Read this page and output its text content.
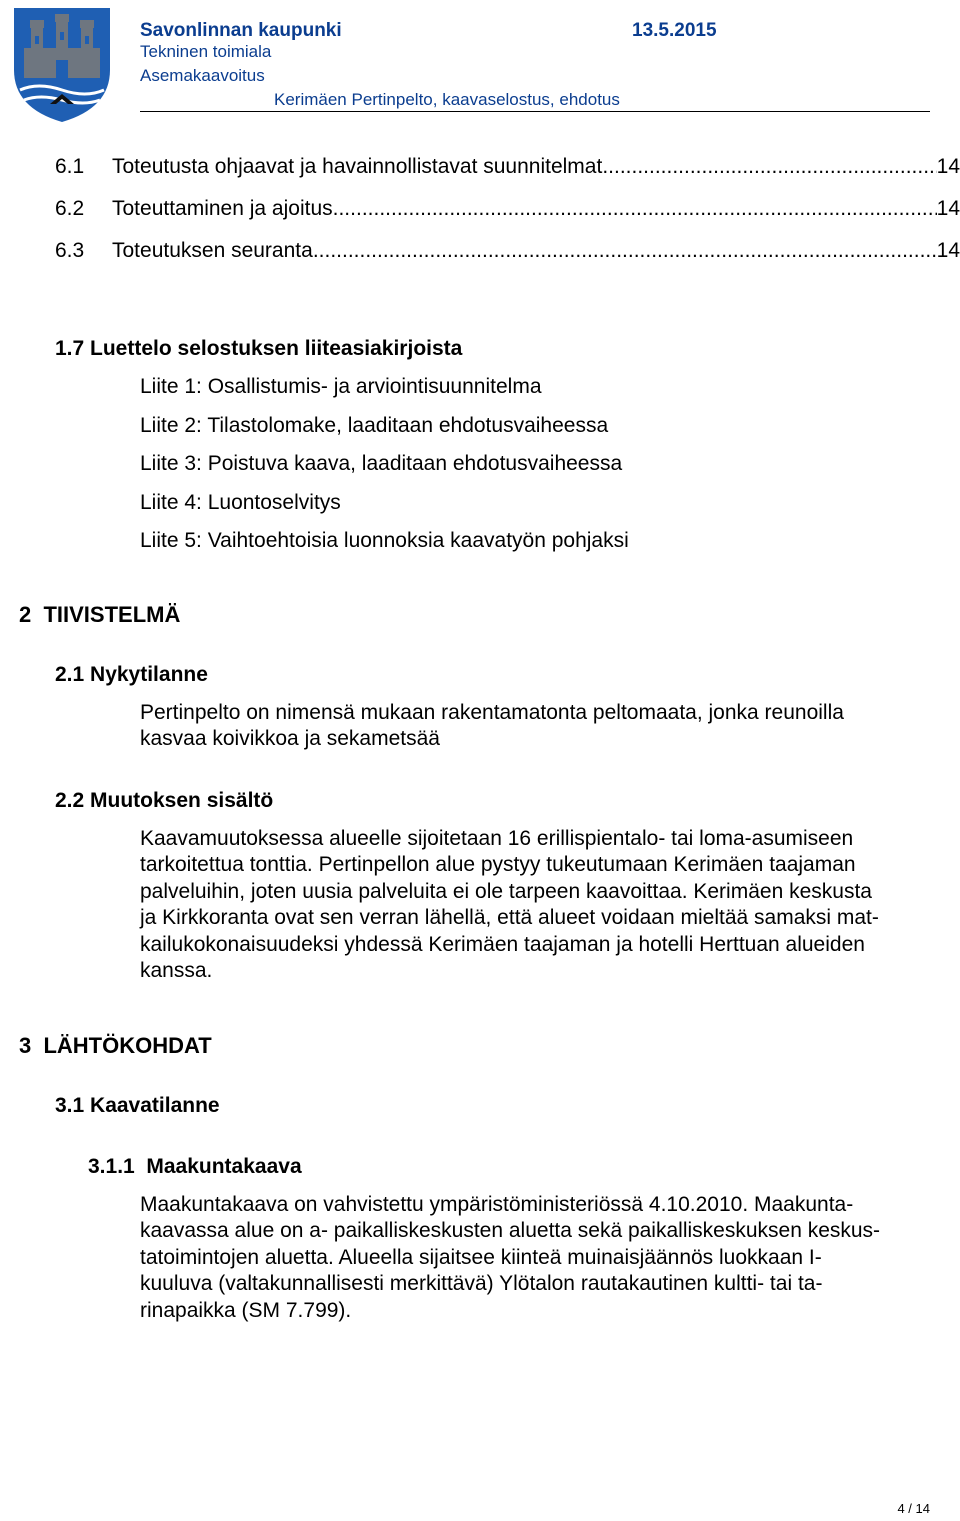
Savonlinnan kaupunki	13.5.2015
Tekninen toimiala
Asemakaavoitus
Kerimäen Pertinpelto, kaavaselostus, ehdotus
6.1	Toteutusta ohjaavat ja havainnollistavat suunnitelmat .....	14
6.2	Toteuttaminen ja ajoitus .....	14
6.3	Toteutuksen seuranta .....	14
1.7 Luettelo selostuksen liiteasiakirjoista
Liite 1: Osallistumis- ja arviointisuunnitelma
Liite 2: Tilastolomake, laaditaan ehdotusvaiheessa
Liite 3: Poistuva kaava, laaditaan ehdotusvaiheessa
Liite 4: Luontoselvitys
Liite 5: Vaihtoehtoisia luonnoksia kaavatyön pohjaksi
2  TIIVISTELMÄ
2.1 Nykytilanne

Pertinpelto on nimensä mukaan rakentamatonta peltomaata, jonka reunoilla
kasvaa koivikkoa ja sekametsää

2.2 Muutoksen sisältö

Kaavamuutoksessa alueelle sijoitetaan 16 erillispientalo- tai loma-asumiseen
tarkoitettua tonttia. Pertinpellon alue pystyy tukeutumaan Kerimäen taajaman
palveluihin, joten uusia palveluita ei ole tarpeen kaavoittaa. Kerimäen keskusta
ja Kirkkoranta ovat sen verran lähellä, että alueet voidaan mieltää samaksi mat-
kailukokonaisuudeksi yhdessä Kerimäen taajaman ja hotelli Herttuan alueiden
kanssa.

3  LÄHTÖKOHDAT
3.1 Kaavatilanne
3.1.1  Maakuntakaava

Maakuntakaava on vahvistettu ympäristöministeriössä 4.10.2010. Maakunta-
kaavassa alue on a- paikalliskeskusten aluetta sekä paikalliskeskuksen keskus-
tatoimintojen aluetta. Alueella sijaitsee kiinteä muinaisjäännös luokkaan I-
kuuluva (valtakunnallisesti merkittävä) Ylötalon rautakautinen kultti- tai ta-
rinapaikka (SM 7.799).

4 / 14
